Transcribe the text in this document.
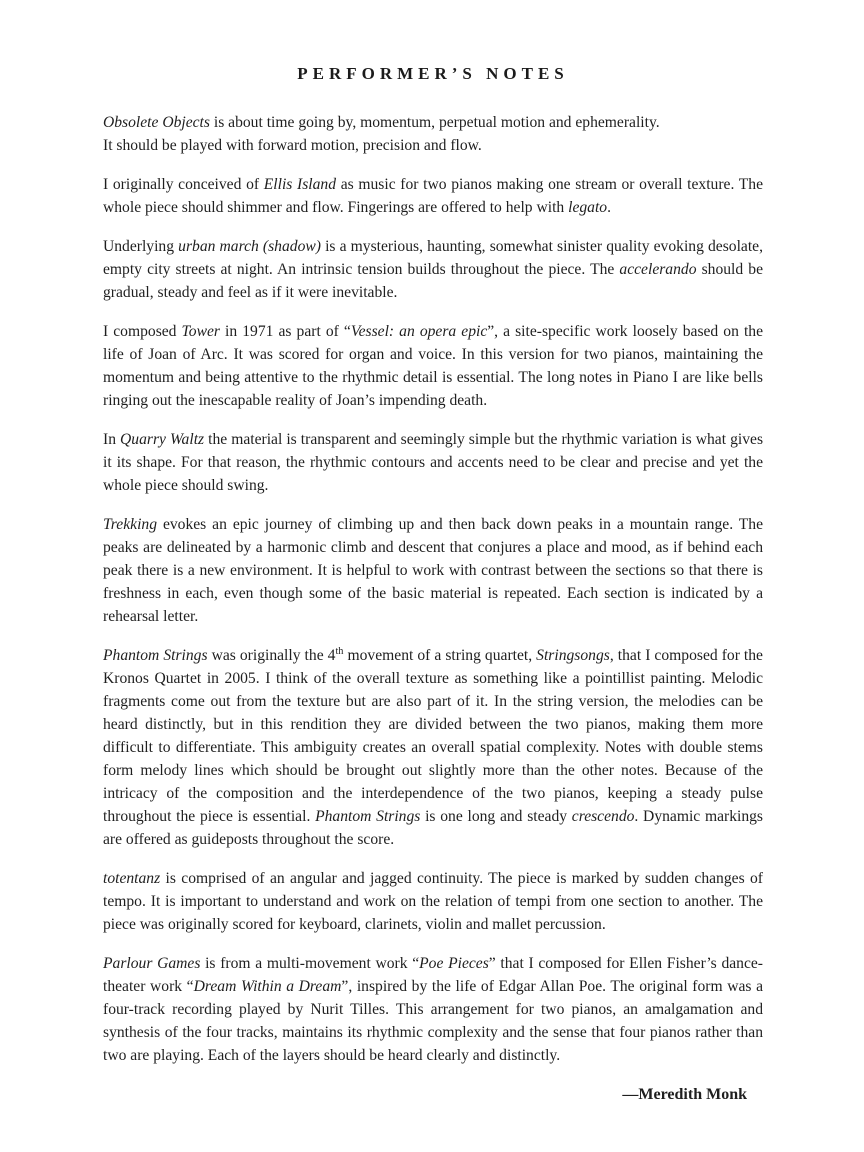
PERFORMER’S NOTES

Obsolete Objects is about time going by, momentum, perpetual motion and ephemerality.
It should be played with forward motion, precision and flow.

I originally conceived of Ellis Island as music for two pianos making one stream or overall texture. The whole piece should shimmer and flow. Fingerings are offered to help with legato.

Underlying urban march (shadow) is a mysterious, haunting, somewhat sinister quality evoking desolate, empty city streets at night. An intrinsic tension builds throughout the piece. The accelerando should be gradual, steady and feel as if it were inevitable.

I composed Tower in 1971 as part of “Vessel: an opera epic”, a site-specific work loosely based on the life of Joan of Arc. It was scored for organ and voice. In this version for two pianos, maintaining the momentum and being attentive to the rhythmic detail is essential. The long notes in Piano I are like bells ringing out the inescapable reality of Joan’s impending death.

In Quarry Waltz the material is transparent and seemingly simple but the rhythmic variation is what gives it its shape. For that reason, the rhythmic contours and accents need to be clear and precise and yet the whole piece should swing.

Trekking evokes an epic journey of climbing up and then back down peaks in a mountain range. The peaks are delineated by a harmonic climb and descent that conjures a place and mood, as if behind each peak there is a new environment. It is helpful to work with contrast between the sections so that there is freshness in each, even though some of the basic material is repeated. Each section is indicated by a rehearsal letter.

Phantom Strings was originally the 4th movement of a string quartet, Stringsongs, that I composed for the Kronos Quartet in 2005. I think of the overall texture as something like a pointillist painting. Melodic fragments come out from the texture but are also part of it. In the string version, the melodies can be heard distinctly, but in this rendition they are divided between the two pianos, making them more difficult to differentiate. This ambiguity creates an overall spatial complexity. Notes with double stems form melody lines which should be brought out slightly more than the other notes. Because of the intricacy of the composition and the interdependence of the two pianos, keeping a steady pulse throughout the piece is essential. Phantom Strings is one long and steady crescendo. Dynamic markings are offered as guideposts throughout the score.

totentanz is comprised of an angular and jagged continuity. The piece is marked by sudden changes of tempo. It is important to understand and work on the relation of tempi from one section to another. The piece was originally scored for keyboard, clarinets, violin and mallet percussion.

Parlour Games is from a multi-movement work “Poe Pieces” that I composed for Ellen Fisher’s dance-theater work “Dream Within a Dream”, inspired by the life of Edgar Allan Poe. The original form was a four-track recording played by Nurit Tilles. This arrangement for two pianos, an amalgamation and synthesis of the four tracks, maintains its rhythmic complexity and the sense that four pianos rather than two are playing. Each of the layers should be heard clearly and distinctly.

—Meredith Monk
